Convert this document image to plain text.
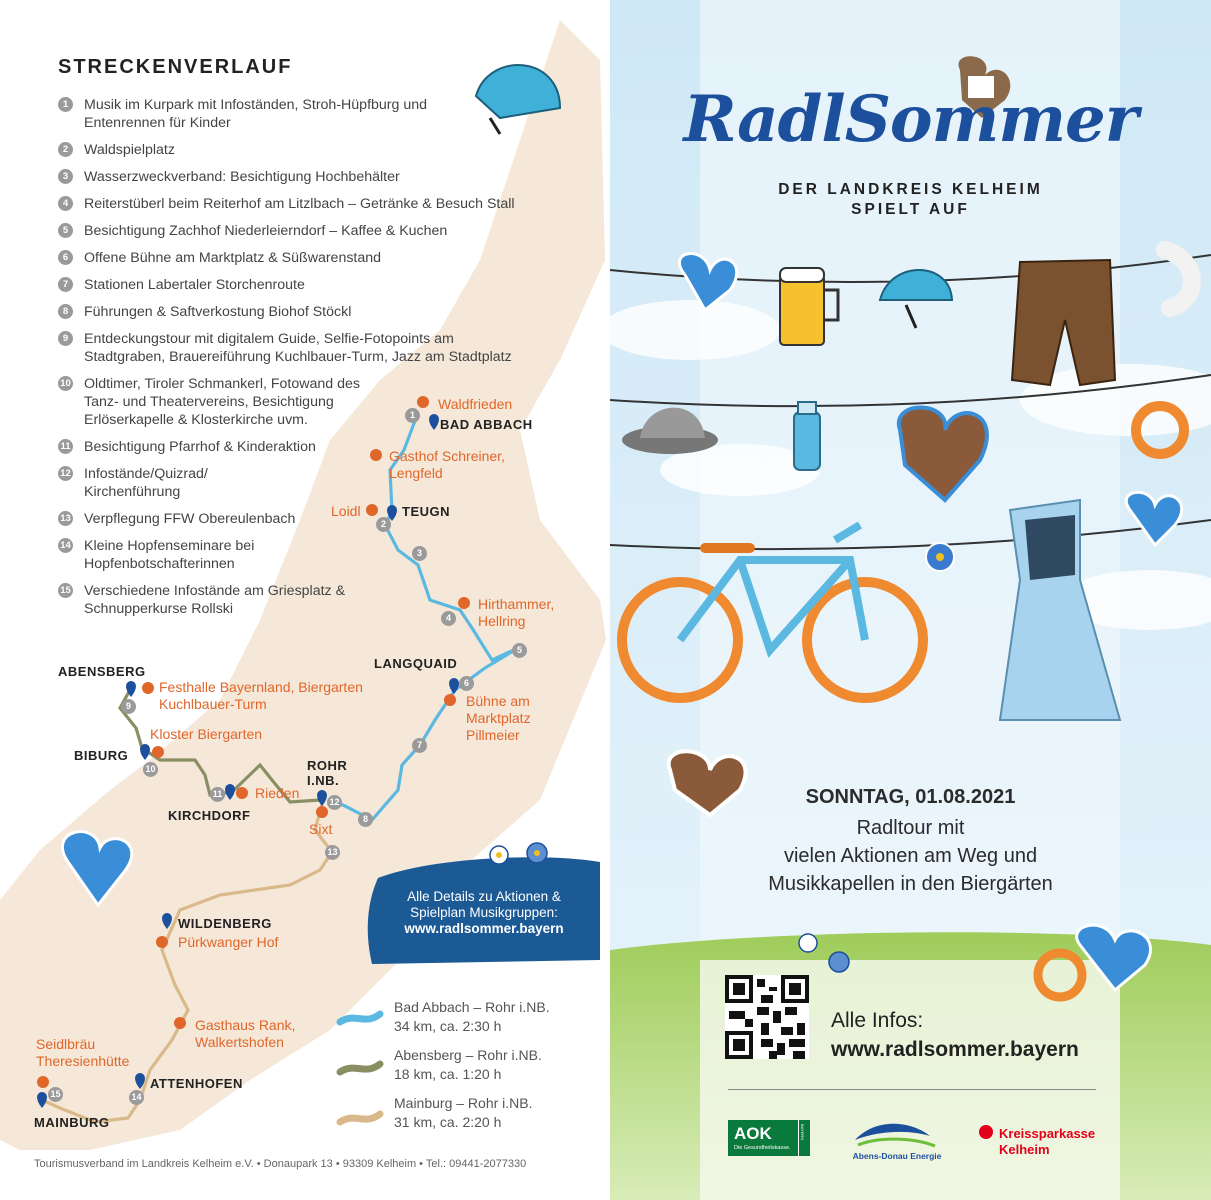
STRECKENVERLAUF
1	Musik im Kurpark mit Infoständen, Stroh-Hüpfburg und Entenrennen für Kinder
2	Waldspielplatz
3	Wasserzweckverband: Besichtigung Hochbehälter
4	Reiterstüberl beim Reiterhof am Litzlbach – Getränke & Besuch Stall
5	Besichtigung Zachhof Niederleierndorf – Kaffee & Kuchen
6	Offene Bühne am Marktplatz & Süßwarenstand
7	Stationen Labertaler Storchenroute
8	Führungen & Saftverkostung Biohof Stöckl
9	Entdeckungstour mit digitalem Guide, Selfie-Fotopoints am Stadtgraben, Brauereiführung Kuchlbauer-Turm, Jazz am Stadtplatz
10 Oldtimer, Tiroler Schmankerl, Fotowand des Tanz- und Theatervereins, Besichtigung Erlöserkapelle & Klosterkirche uvm.
11 Besichtigung Pfarrhof & Kinderaktion
12 Infostände/Quizrad/ Kirchenführung
13 Verpflegung FFW Obereulenbach
14 Kleine Hopfenseminare bei Hopfenbotschafterinnen
15 Verschiedene Infostände am Griesplatz & Schnupperkurse Rollski
BAD ABBACH
TEUGN
LANGQUAID
ABENSBERG
BIBURG
KIRCHDORF
ROHR I.NB.
WILDENBERG
ATTENHOFEN
MAINBURG
Waldfrieden
Gasthof Schreiner, Lengfeld
Loidl
Hirthammer, Hellring
Bühne am Marktplatz Pillmeier
Festhalle Bayernland, Biergarten Kuchlbauer-Turm
Kloster Biergarten
Rieden
Sixt
Pürkwanger Hof
Gasthaus Rank, Walkertshofen
Seidlbräu Theresienhütte
1
2
3
4
5
6
7
8
9
10
11
12
13
14
15
Alle Details zu Aktionen &
Spielplan Musikgruppen:
www.radlsommer.bayern
Bad Abbach – Rohr i.NB.
34 km, ca. 2:30 h
Abensberg – Rohr i.NB.
18 km, ca. 1:20 h
Mainburg – Rohr i.NB.
31 km, ca. 2:20 h
Tourismusverband im Landkreis Kelheim e.V. • Donaupark 13 • 93309 Kelheim • Tel.: 09441-2077330
RadlSommer
DER LANDKREIS KELHEIM
SPIELT AUF
SONNTAG, 01.08.2021
Radltour mit
vielen Aktionen am Weg und
Musikkapellen in den Biergärten
Alle Infos:
www.radlsommer.bayern
AOK
Die Gesundheitskasse.
BAYERN
Abens-Donau Energie
Kreissparkasse
Kelheim
